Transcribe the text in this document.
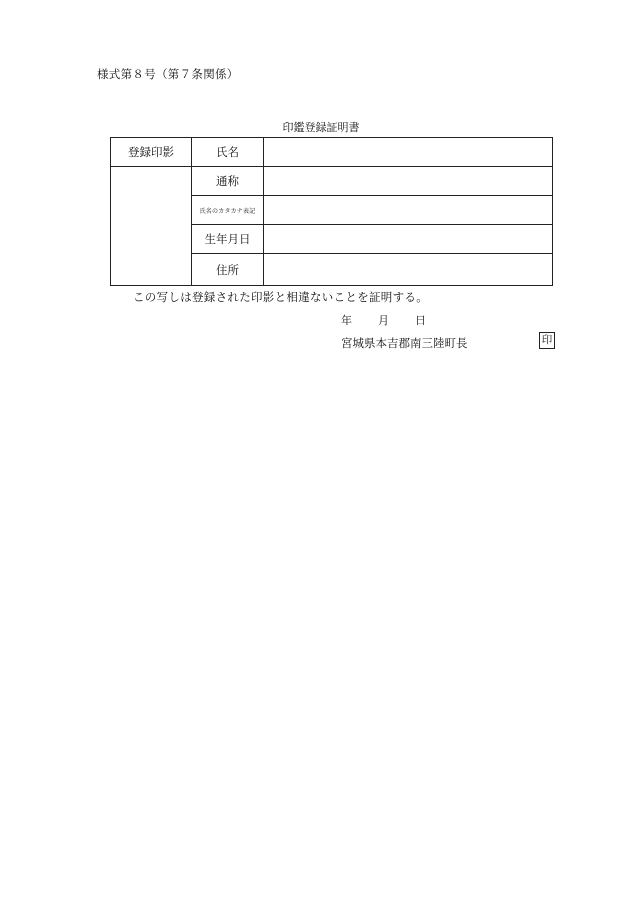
様式第８号（第７条関係）
印鑑登録証明書
登録印影	氏名	
	通称	
	氏名のカタカナ表記	
	生年月日	
	住所	
この写しは登録された印影と相違ないことを証明する。
年 月 日
宮城県本吉郡南三陸町長	印
